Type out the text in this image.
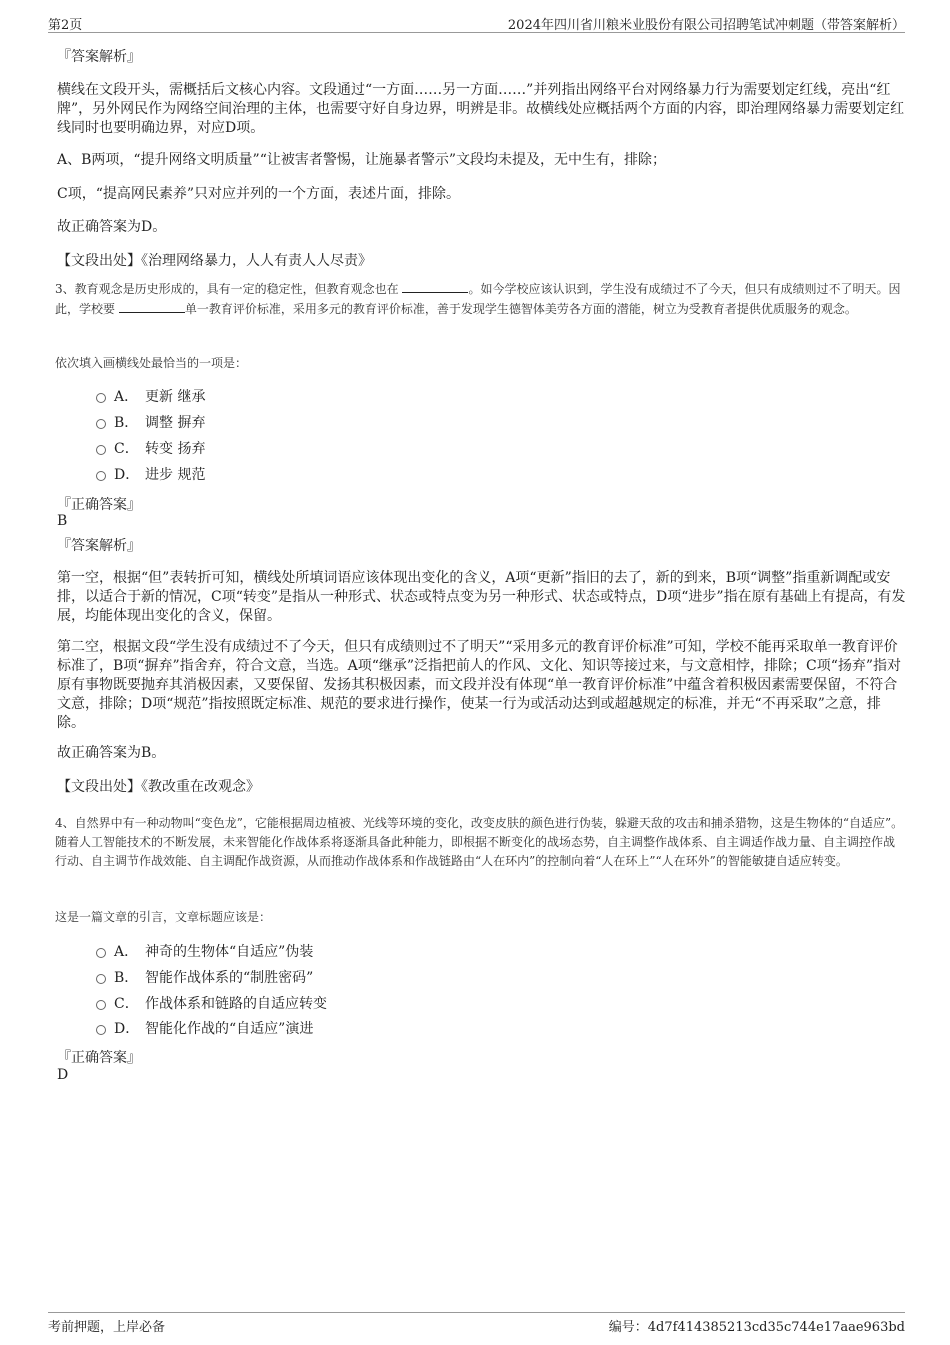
第2页	2024年四川省川粮米业股份有限公司招聘笔试冲刺题（带答案解析）
『答案解析』

横线在文段开头，需概括后文核心内容。文段通过“一方面……另一方面……”并列指出网络平台对网络暴力行为需要划定红线，亮出“红牌”，另外网民作为网络空间治理的主体，也需要守好自身边界，明辨是非。故横线处应概括两个方面的内容，即治理网络暴力需要划定红线同时也要明确边界，对应D项。

A、B两项，“提升网络文明质量”“让被害者警惕，让施暴者警示”文段均未提及，无中生有，排除；

C项，“提高网民素养”只对应并列的一个方面，表述片面，排除。

故正确答案为D。

【文段出处】《治理网络暴力，人人有责人人尽责》

3、教育观念是历史形成的，具有一定的稳定性，但教育观念也在	。如今学校应该认识到，学生没有成绩过不了今天，但只有成绩则过不了明天。因此，学校要	单一教育评价标准，采用多元的教育评价标准，善于发现学生德智体美劳各方面的潜能，树立为受教育者提供优质服务的观念。

依次填入画横线处最恰当的一项是：

A． 更新 继承
B． 调整 摒弃
C． 转变 扬弃
D． 进步 规范
『正确答案』
B
『答案解析』

第一空，根据“但”表转折可知，横线处所填词语应该体现出变化的含义，A项“更新”指旧的去了，新的到来，B项“调整”指重新调配或安排，以适合于新的情况，C项“转变”是指从一种形式、状态或特点变为另一种形式、状态或特点，D项“进步”指在原有基础上有提高，有发展，均能体现出变化的含义，保留。

第二空，根据文段“学生没有成绩过不了今天，但只有成绩则过不了明天”“采用多元的教育评价标准”可知，学校不能再采取单一教育评价标准了，B项“摒弃”指舍弃，符合文意，当选。A项“继承”泛指把前人的作风、文化、知识等接过来，与文意相悖，排除；C项“扬弃”指对原有事物既要抛弃其消极因素，又要保留、发扬其积极因素，而文段并没有体现“单一教育评价标准”中蕴含着积极因素需要保留，不符合文意，排除；D项“规范”指按照既定标准、规范的要求进行操作，使某一行为或活动达到或超越规定的标准，并无“不再采取”之意，排除。

故正确答案为B。

【文段出处】《教改重在改观念》

4、自然界中有一种动物叫“变色龙”，它能根据周边植被、光线等环境的变化，改变皮肤的颜色进行伪装，躲避天敌的攻击和捕杀猎物，这是生物体的“自适应”。随着人工智能技术的不断发展，未来智能化作战体系将逐渐具备此种能力，即根据不断变化的战场态势，自主调整作战体系、自主调适作战力量、自主调控作战行动、自主调节作战效能、自主调配作战资源，从而推动作战体系和作战链路由“人在环内”的控制向着“人在环上”“人在环外”的智能敏捷自适应转变。

这是一篇文章的引言，文章标题应该是：

A． 神奇的生物体“自适应”伪装
B． 智能作战体系的“制胜密码”
C． 作战体系和链路的自适应转变
D． 智能化作战的“自适应”演进
『正确答案』
D
考前押题，上岸必备	编号：4d7f414385213cd35c744e17aae963bd
